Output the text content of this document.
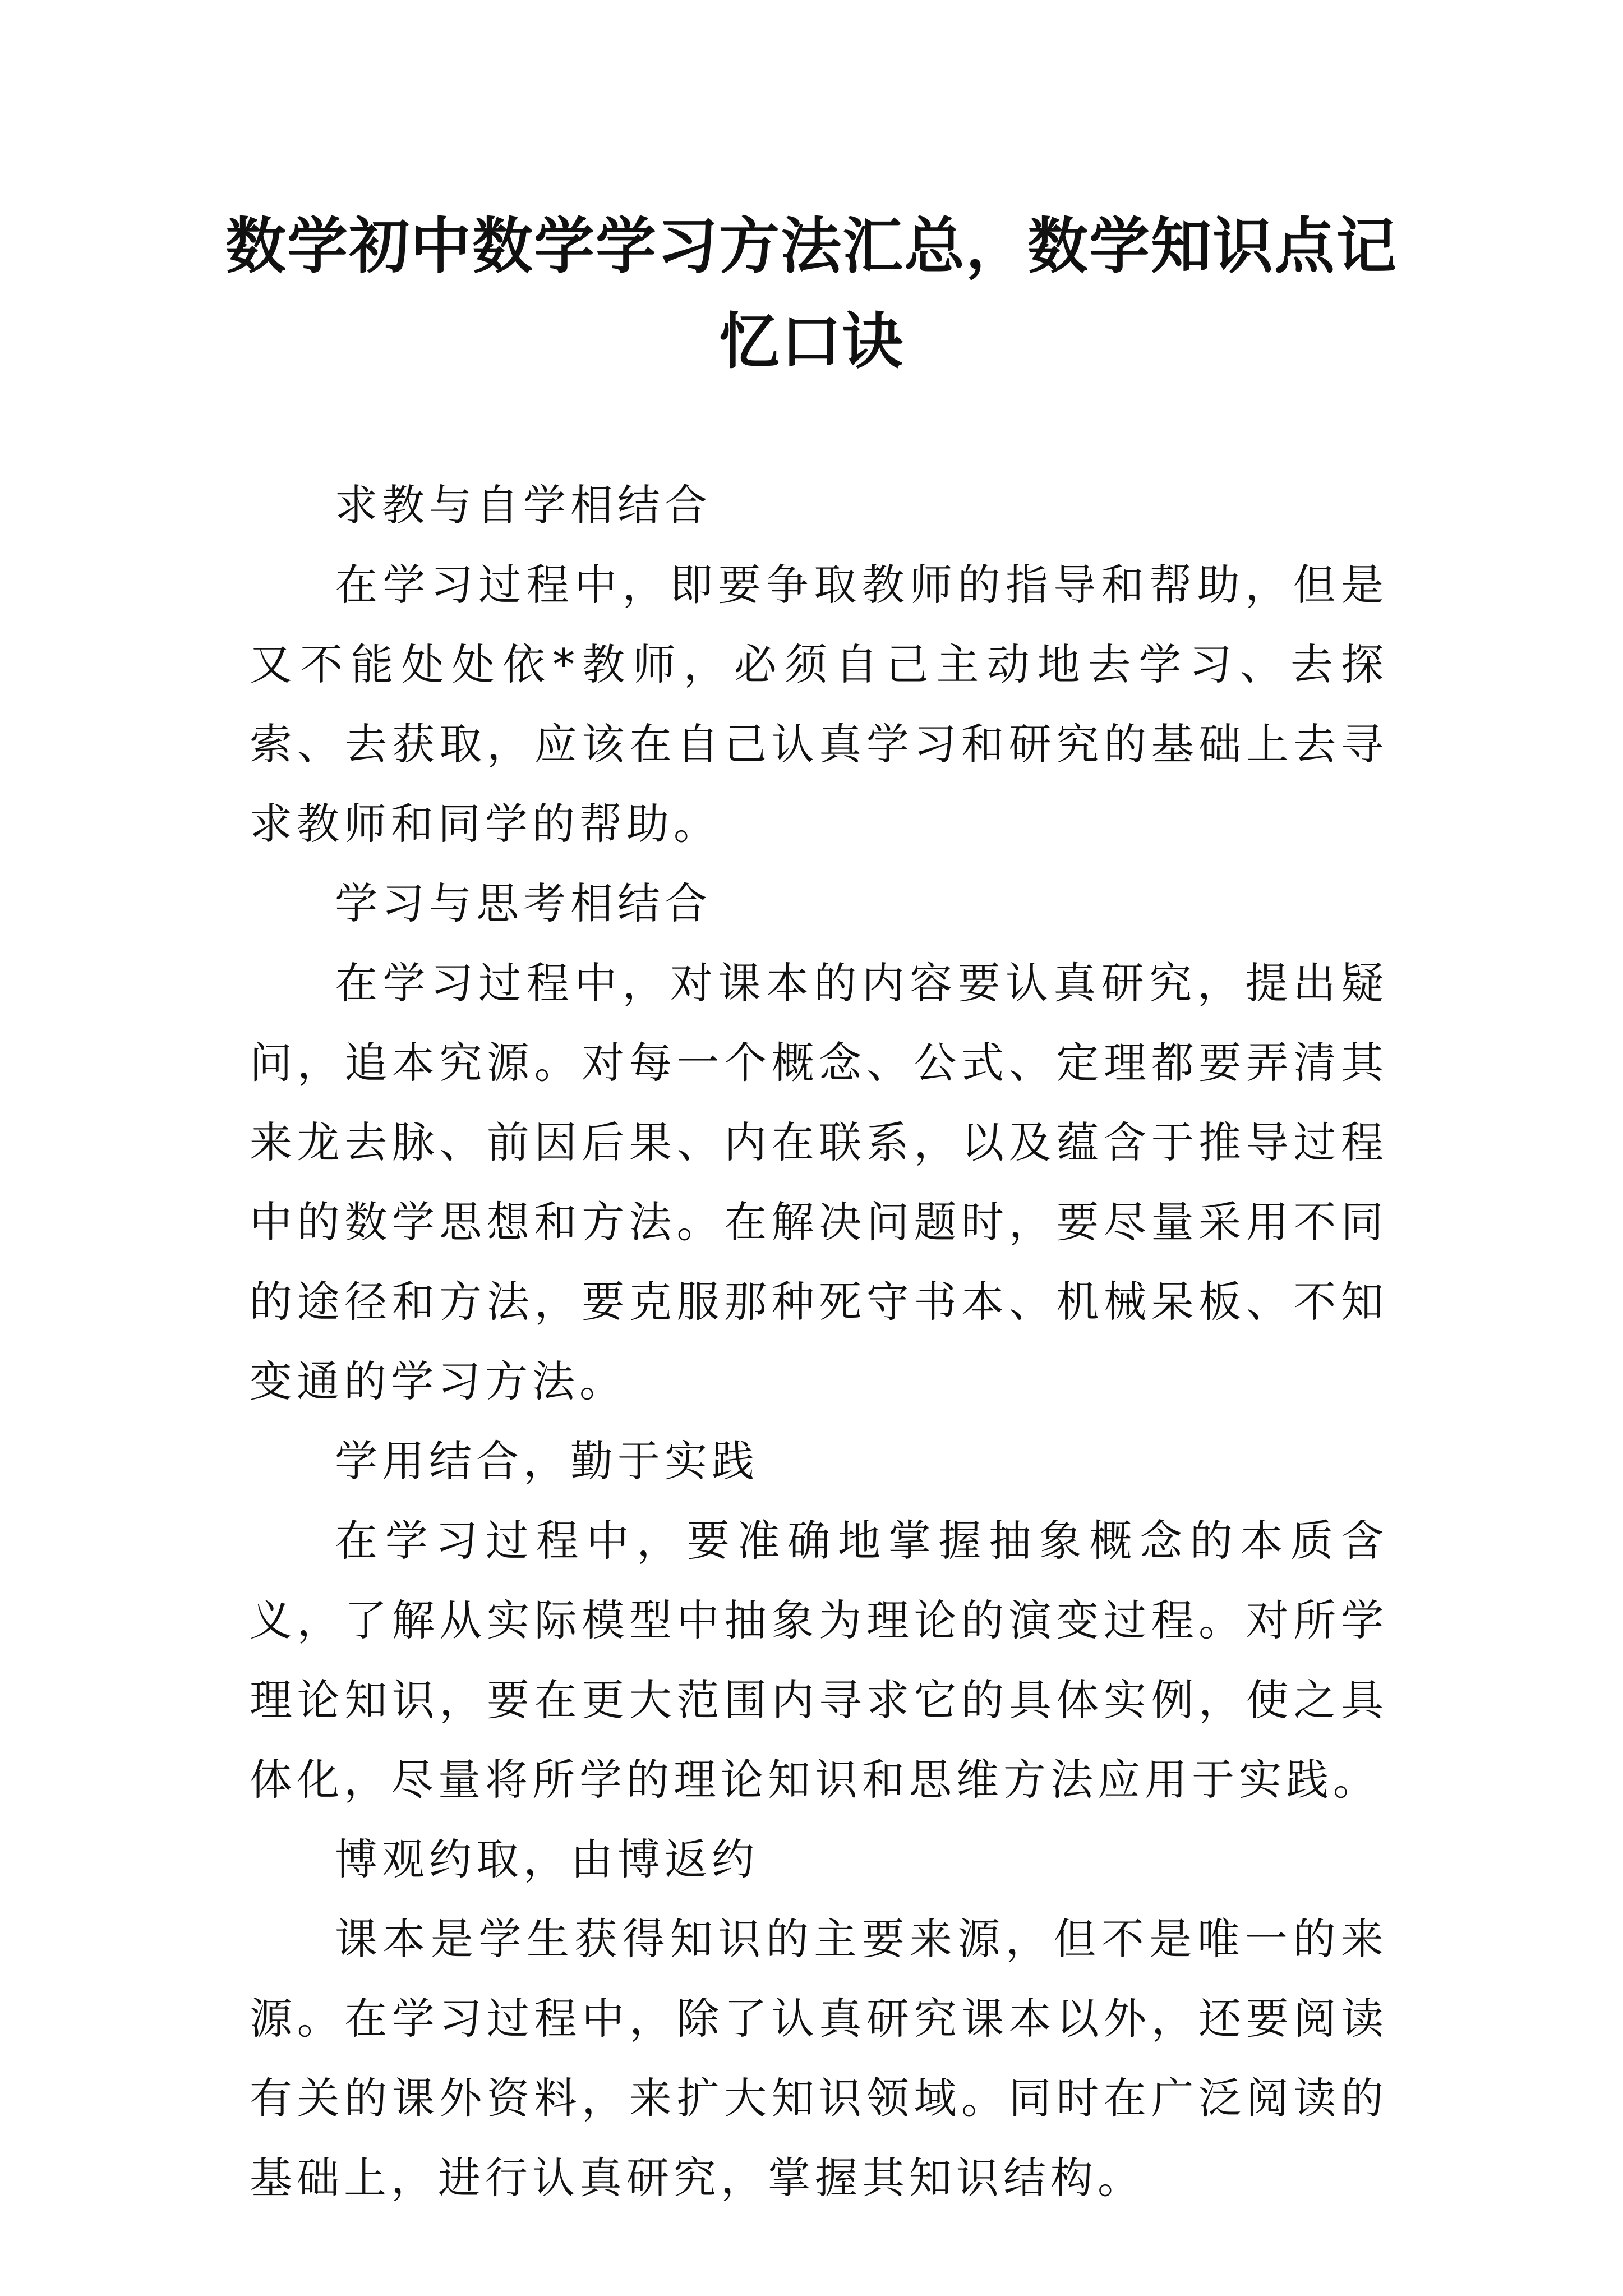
数学初中数学学习方法汇总，数学知识点记忆口诀

求教与自学相结合

在学习过程中，即要争取教师的指导和帮助，但是又不能处处依*教师，必须自己主动地去学习、去探索、去获取，应该在自己认真学习和研究的基础上去寻求教师和同学的帮助。

学习与思考相结合

在学习过程中，对课本的内容要认真研究，提出疑问，追本究源。对每一个概念、公式、定理都要弄清其来龙去脉、前因后果、内在联系，以及蕴含于推导过程中的数学思想和方法。在解决问题时，要尽量采用不同的途径和方法，要克服那种死守书本、机械呆板、不知变通的学习方法。

学用结合，勤于实践

在学习过程中，要准确地掌握抽象概念的本质含义，了解从实际模型中抽象为理论的演变过程。对所学理论知识，要在更大范围内寻求它的具体实例，使之具体化，尽量将所学的理论知识和思维方法应用于实践。

博观约取，由博返约

课本是学生获得知识的主要来源，但不是唯一的来源。在学习过程中，除了认真研究课本以外，还要阅读有关的课外资料，来扩大知识领域。同时在广泛阅读的基础上，进行认真研究，掌握其知识结构。
